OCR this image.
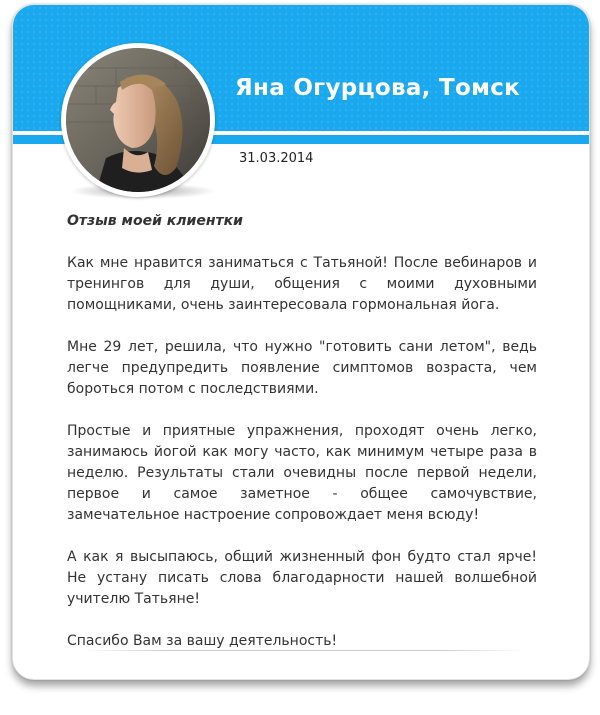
Яна Огурцова, Томск
31.03.2014
Отзыв моей клиентки

Как мне нравится заниматься с Татьяной! После вебинаров и тренингов для души, общения с моими духовными помощниками, очень заинтересовала гормональная йога.

Мне 29 лет, решила, что нужно "готовить сани летом", ведь легче предупредить появление симптомов возраста, чем бороться потом с последствиями.

Простые и приятные упражнения, проходят очень легко, занимаюсь йогой как могу часто, как минимум четыре раза в неделю. Результаты стали очевидны после первой недели, первое и самое заметное - общее самочувствие, замечательное настроение сопровождает меня всюду!

А как я высыпаюсь, общий жизненный фон будто стал ярче!Не устану писать слова благодарности нашей волшебной учителю Татьяне!

Спасибо Вам за вашу деятельность!
